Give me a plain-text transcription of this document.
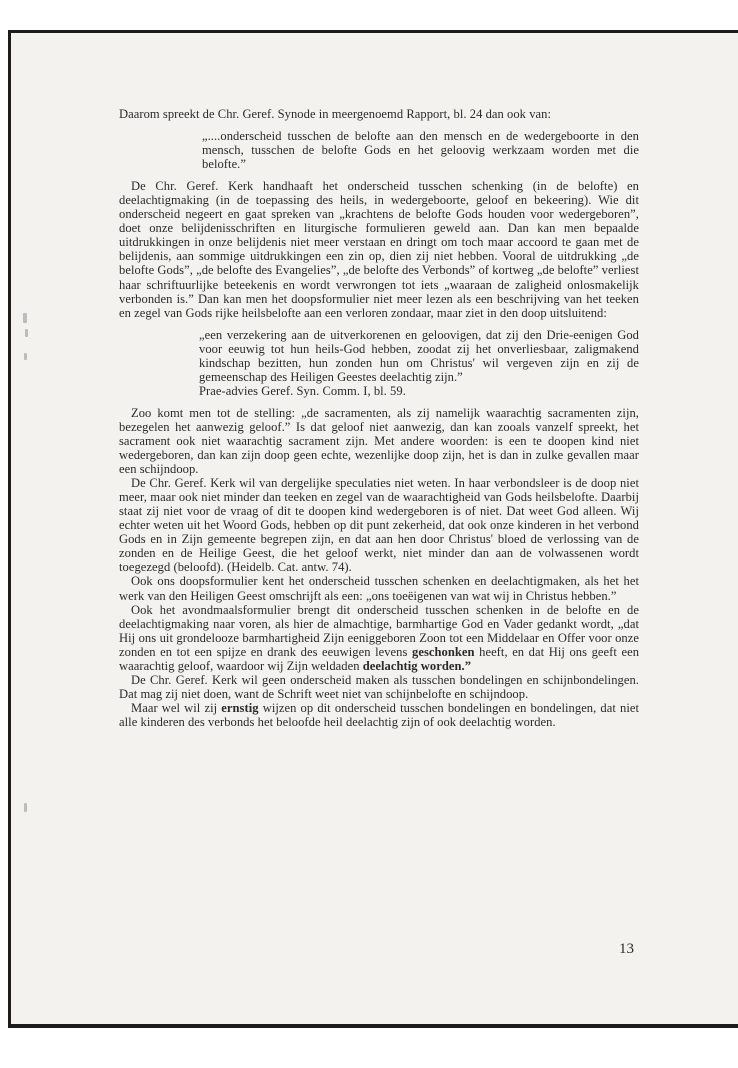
Daarom spreekt de Chr. Geref. Synode in meergenoemd Rapport, bl. 24 dan ook van:

„....onderscheid tusschen de belofte aan den mensch en de wedergeboorte in den mensch, tusschen de belofte Gods en het geloovig werkzaam worden met die belofte.”

De Chr. Geref. Kerk handhaaft het onderscheid tusschen schenking (in de belofte) en deelachtigmaking (in de toepassing des heils, in wedergeboorte, geloof en bekeering). Wie dit onderscheid negeert en gaat spreken van „krachtens de belofte Gods houden voor wedergeboren”, doet onze belijdenisschriften en liturgische formulieren geweld aan. Dan kan men bepaalde uitdrukkingen in onze belijdenis niet meer verstaan en dringt om toch maar accoord te gaan met de belijdenis, aan sommige uitdrukkingen een zin op, dien zij niet hebben. Vooral de uitdrukking „de belofte Gods”, „de belofte des Evangelies”, „de belofte des Verbonds” of kortweg „de belofte” verliest haar schriftuurlijke beteekenis en wordt verwrongen tot iets „waaraan de zaligheid onlosmakelijk verbonden is.” Dan kan men het doopsformulier niet meer lezen als een beschrijving van het teeken en zegel van Gods rijke heilsbelofte aan een verloren zondaar, maar ziet in den doop uitsluitend:

„een verzekering aan de uitverkorenen en geloovigen, dat zij den Drie-eenigen God voor eeuwig tot hun heils-God hebben, zoodat zij het onverliesbaar, zaligmakend kindschap bezitten, hun zonden hun om Christus' wil vergeven zijn en zij de gemeenschap des Heiligen Geestes deelachtig zijn.”

Prae-advies Geref. Syn. Comm. I, bl. 59.

Zoo komt men tot de stelling: „de sacramenten, als zij namelijk waarachtig sacramenten zijn, bezegelen het aanwezig geloof.” Is dat geloof niet aanwezig, dan kan zooals vanzelf spreekt, het sacrament ook niet waarachtig sacrament zijn. Met andere woorden: is een te doopen kind niet wedergeboren, dan kan zijn doop geen echte, wezenlijke doop zijn, het is dan in zulke gevallen maar een schijndoop.

De Chr. Geref. Kerk wil van dergelijke speculaties niet weten. In haar verbondsleer is de doop niet meer, maar ook niet minder dan teeken en zegel van de waarachtigheid van Gods heilsbelofte. Daarbij staat zij niet voor de vraag of dit te doopen kind wedergeboren is of niet. Dat weet God alleen. Wij echter weten uit het Woord Gods, hebben op dit punt zekerheid, dat ook onze kinderen in het verbond Gods en in Zijn gemeente begrepen zijn, en dat aan hen door Christus' bloed de verlossing van de zonden en de Heilige Geest, die het geloof werkt, niet minder dan aan de volwassenen wordt toegezegd (beloofd). (Heidelb. Cat. antw. 74).

Ook ons doopsformulier kent het onderscheid tusschen schenken en deelachtigmaken, als het het werk van den Heiligen Geest omschrijft als een: „ons toeëigenen van wat wij in Christus hebben.”

Ook het avondmaalsformulier brengt dit onderscheid tusschen schenken in de belofte en de deelachtigmaking naar voren, als hier de almachtige, barmhartige God en Vader gedankt wordt, „dat Hij ons uit grondelooze barmhartigheid Zijn eeniggeboren Zoon tot een Middelaar en Offer voor onze zonden en tot een spijze en drank des eeuwigen levens geschonken heeft, en dat Hij ons geeft een waarachtig geloof, waardoor wij Zijn weldaden deelachtig worden.”

De Chr. Geref. Kerk wil geen onderscheid maken als tusschen bondelingen en schijnbondelingen. Dat mag zij niet doen, want de Schrift weet niet van schijnbelofte en schijndoop.

Maar wel wil zij ernstig wijzen op dit onderscheid tusschen bondelingen en bondelingen, dat niet alle kinderen des verbonds het beloofde heil deelachtig zijn of ook deelachtig worden.

13
